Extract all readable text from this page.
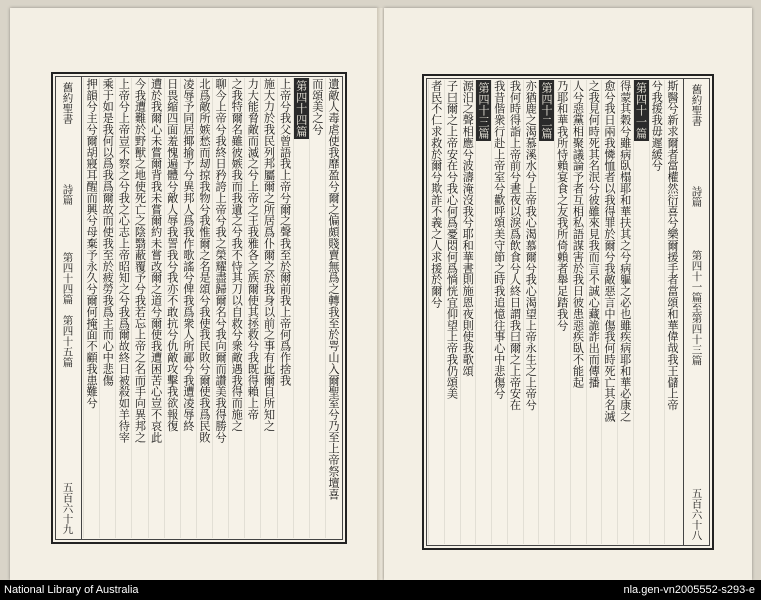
舊約聖書
詩篇  第四十四篇　第四十五篇
五百六十九
遺敵人毒虐使我靡盈兮爾之偏頗賤賣無爲之轉我至於咢山入爾聖室兮乃至上帝祭壇喜
而頌美之兮
第四十四篇
上帝兮我父曾語我上帝兮爾之聲我至於爾前我上帝何爲作捨我
施大力於我民列邦屬爾之所居爲仆爾之於我身以前之事有此爾自所知之
力大能脅敵而滅之兮上帝之王我雅各之族爾使其拯救兮我既得賴上帝
之我特爾名雖彼嫉我而我遺之兮我不恃其刀以自救兮衆敵遇我得而施之
聊今上帝兮我終日矜誇上帝兮我之榮耀盡歸爾名兮我向爾而讚美我得勝兮
北爲敵所嫉愁而刼掠我物兮我惟爾之名是頌兮我使我民敗兮爾使我爲民敗
凌辱予同居揶揄予兮異邦人爲我作歌謠兮俾我爲衆人所鄙兮我遭凌辱終
日畏縮四面羞愧遍體兮敵人辱我詈我兮我亦不敢抗兮仇敵攻擊我欲報復
遭於我爾心未嘗爾背我未嘗爾約未嘗改爾之道兮爾使我遭困苦心豈不哀此
今我遭難於野獸之地使死亡之陰翳蔽覆予兮我若忘上帝之名而手向異邦之
上帝兮上帝豈不察之兮我之心志上帝昭知之兮我爲爾故終日被殺如羊待宰
乘于如是我何以爲我爲爾故而使我至於疲勞我爲主而心中悲傷
押韻兮主兮爾胡寢耳醒而興兮母棄予永久兮爾何掩面不顧我患難兮	舊約聖書
詩篇  第四十一篇至第四十三篇
五百六十八
斯醫兮新求爾者當權然衍喜兮樂爾援手者當頌和華偉哉我王儲上帝
兮我援我毋遲緩兮
第四十一篇
得蒙其穀兮雖病臥榻耶和華扶其之兮病軀之必也雖疾病耶和華必康之
愈兮我日兩我憐恤者以我得罪於爾兮我敵惡言中傷我何時死亡其名滅
之我見何時死其名泯兮彼雖來見我而言不誠心藏詭詐出而傳播
人兮惡黨相聚議論予者互相私語謀害於我日彼患惡疾臥不能起
乃耶和華我所恃賴宴食之友我所倚賴者舉足踏我兮
第四十二篇
亦猶鹿之渴慕溪水兮上帝我心渴慕爾兮我心渴望上帝永生之上帝兮
我何時得詣上帝前兮晝夜以淚爲飲食兮人終日謂我曰爾之上帝安在
我昔偕衆行赴上帝室兮歡呼頌美守節之時我追憶往事心中悲傷兮
第四十三篇
源汨之聲相應兮波濤淹沒我兮耶和華晝則施恩夜則使我歌頌
子曰爾之上帝安在兮我心何爲憂悶何爲惝恍宜仰望上帝我仍頌美
者民不仁求救於爾兮欺詐不義之人求援於爾兮
National Library of Australia	nla.gen-vn2005552-s293-e
